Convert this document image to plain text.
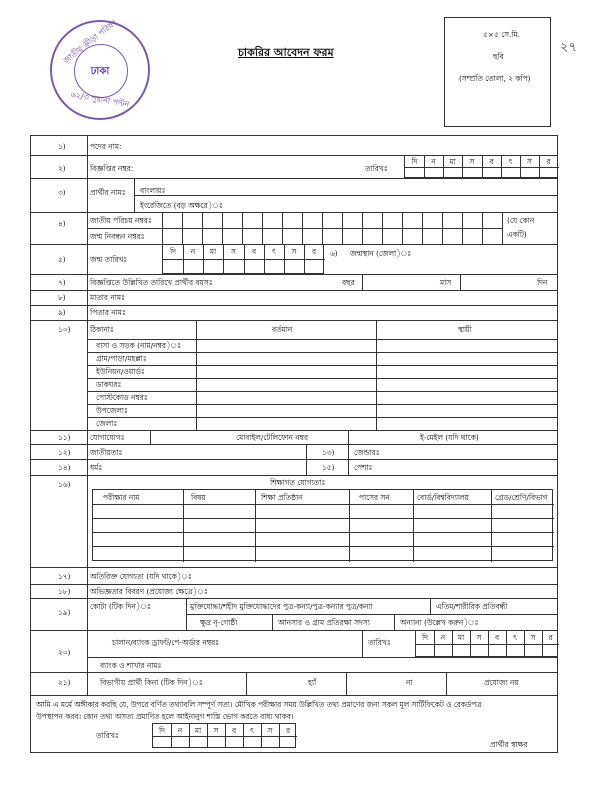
জাতীয় ক্রীড়া পরিষদ
ঢাকা
৬২/৩ পুরানা পল্টন
চাকরির আবেদন ফরম
৫×৫ সে.মি.
ছবি
(সম্প্রতি তোলা, ২ কপি)
২৭
১)	পদের নাম:
২)	বিজ্ঞপ্তির নম্বর:	তারিখঃ
দি	ন	মা	স	ব	ৎ	স	র
৩)	প্রার্থীর নামঃ বাংলায়ঃ
ইংরেজিতে (বড় অক্ষরে)ঃ
৪)	জাতীয় পরিচয় নম্বরঃ
জন্ম নিবন্ধন নম্বরঃ
(যে কোন
একটি)
৫)	জন্ম তারিখঃ
দি	ন	মা	স	ব	ৎ	স	র	৬) জন্মস্থান (জেলা)ঃ
৭)	বিজ্ঞপ্তিতে উল্লিখিত তারিখে প্রার্থীর বয়সঃ	বছর	মাস	দিন
৮)	মাতার নামঃ
৯)	পিতার নামঃ
১০)	ঠিকানাঃ	বর্তমান	স্থায়ী
বাসা ও সড়ক (নাম/নম্বর)ঃ
গ্রাম/পাড়া/মহল্লাঃ
ইউনিয়ন/ওয়ার্ডঃ
ডাকঘরঃ
পোস্টকোড নম্বরঃ
উপজেলাঃ
জেলাঃ
১১)	যোগাযোগঃ	মোবাইল/টেলিফোন নম্বর	ই-মেইল (যদি থাকে)
১২)	জাতীয়তাঃ	১৩)	জেন্ডারঃ
১৪)	ধর্মঃ	১৫)	পেশাঃ
১৬)	শিক্ষাগত যোগ্যতাঃ
পরীক্ষার নাম	বিষয়	শিক্ষা প্রতিষ্ঠান	পাসের সন	বোর্ড/বিশ্ববিদ্যালয়	গ্রেড/শ্রেণি/বিভাগ
১৭)	অতিরিক্ত যোগ্যতা (যদি থাকে)ঃ
১৮)	অভিজ্ঞতার বিবরণ (প্রযোজ্য ক্ষেত্রে)ঃ
১৯)
কোটা (টিক দিন)ঃ	মুক্তিযোদ্ধা/শহীদ মুক্তিযোদ্ধাদের পুত্র-কন্যা/পুত্র-কন্যার পুত্র/কন্যা	এতিম/শারীরিক প্রতিবন্ধী
ক্ষুদ্র নৃ-গোষ্ঠী	আনসার ও গ্রাম প্রতিরক্ষা সদস্য	অন্যান্য (উল্লেখ করুন)ঃ
২০)
চালান/ব্যাংক ড্রাফট/পে-অর্ডার নম্বরঃ	তারিখঃ
দি	ন	মা	স	ব	ৎ	স	র
ব্যাংক ও শাখার নামঃ
২১)	বিভাগীয় প্রার্থী কিনা (টিক দিন)ঃ	হ্যাঁ	না	প্রযোজ্য নয়
আমি এ মর্মে অঙ্গীকার করছি যে, উপরে বর্ণিত তথ্যাবলি সম্পূর্ণ সত্য। মৌখিক পরীক্ষার সময় উল্লিখিত তথ্য প্রমাণের জন্য সকল মূল সার্টিফিকেট ও রেকর্ডপত্র
উপস্থাপন করব। কোন তথ্য অসত্য প্রমাণিত হলে আইনানুগ শাস্তি ভোগ করতে বাধ্য থাকব।
তারিখঃ
দি	ন	মা	স	ব	ৎ	স	র
প্রার্থীর স্বাক্ষর
